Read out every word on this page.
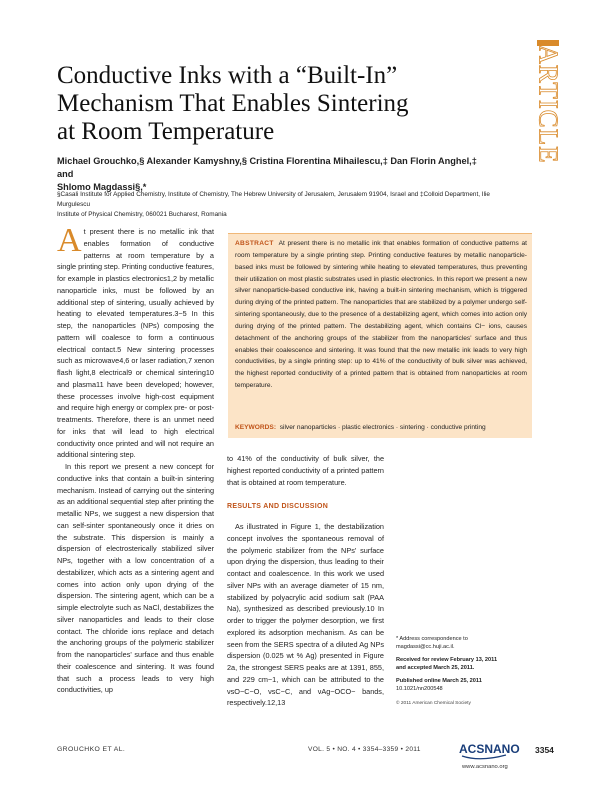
ARTICLE
Conductive Inks with a “Built-In”
Mechanism That Enables Sintering
at Room Temperature
Michael Grouchko,§ Alexander Kamyshny,§ Cristina Florentina Mihailescu,‡ Dan Florin Anghel,‡ and
Shlomo Magdassi§,*
§Casali Institute for Applied Chemistry, Institute of Chemistry, The Hebrew University of Jerusalem, Jerusalem 91904, Israel and ‡Colloid Department, Ilie Murgulescu
Institute of Physical Chemistry, 060021 Bucharest, Romania
ABSTRACT At present there is no metallic ink that enables formation of conductive patterns at room temperature by a single printing step. Printing conductive features by metallic nanoparticle-based inks must be followed by sintering while heating to elevated temperatures, thus preventing their utilization on most plastic substrates used in plastic electronics. In this report we present a new silver nanoparticle-based conductive ink, having a built-in sintering mechanism, which is triggered during drying of the printed pattern. The nanoparticles that are stabilized by a polymer undergo self-sintering spontaneously, due to the presence of a destabilizing agent, which comes into action only during drying of the printed pattern. The destabilizing agent, which contains Cl− ions, causes detachment of the anchoring groups of the stabilizer from the nanoparticles' surface and thus enables their coalescence and sintering. It was found that the new metallic ink leads to very high conductivities, by a single printing step: up to 41% of the conductivity of bulk silver was achieved, the highest reported conductivity of a printed pattern that is obtained from nanoparticles at room temperature.
KEYWORDS: silver nanoparticles · plastic electronics · sintering · conductive printing

At present there is no metallic ink that enables formation of conductive patterns at room temperature by a single printing step. Printing conductive features, for example in plastics electronics1,2 by metallic nanoparticle inks, must be followed by an additional step of sintering, usually achieved by heating to elevated temperatures.3−5 In this step, the nanoparticles (NPs) composing the pattern will coalesce to form a continuous electrical contact.5 New sintering processes such as microwave4,6 or laser radiation,7 xenon flash light,8 electrical9 or chemical sintering10 and plasma11 have been developed; however, these processes involve high-cost equipment and require high energy or complex pre- or post-treatments. Therefore, there is an unmet need for inks that will lead to high electrical conductivity once printed and will not require an additional sintering step.

In this report we present a new concept for conductive inks that contain a built-in sintering mechanism. Instead of carrying out the sintering as an additional sequential step after printing the metallic NPs, we suggest a new dispersion that can self-sinter spontaneously once it dries on the substrate. This dispersion is mainly a dispersion of electrosterically stabilized silver NPs, together with a low concentration of a destabilizer, which acts as a sintering agent and comes into action only upon drying of the dispersion. The sintering agent, which can be a simple electrolyte such as NaCl, destabilizes the silver nanoparticles and leads to their close contact. The chloride ions replace and detach the anchoring groups of the polymeric stabilizer from the nanoparticles' surface and thus enable their coalescence and sintering. It was found that such a process leads to very high conductivities, up

to 41% of the conductivity of bulk silver, the highest reported conductivity of a printed pattern that is obtained at room temperature.

RESULTS AND DISCUSSION

As illustrated in Figure 1, the destabilization concept involves the spontaneous removal of the polymeric stabilizer from the NPs' surface upon drying the dispersion, thus leading to their contact and coalescence. In this work we used silver NPs with an average diameter of 15 nm, stabilized by polyacrylic acid sodium salt (PAA Na), synthesized as described previously.10 In order to trigger the polymer desorption, we first explored its adsorption mechanism. As can be seen from the SERS spectra of a diluted Ag NPs dispersion (0.025 wt % Ag) presented in Figure 2a, the strongest SERS peaks are at 1391, 855, and 229 cm−1, which can be attributed to the νsO−C−O, νsC−C, and νAg−OCO− bands, respectively.12,13

* Address correspondence to
magdassi@cc.huji.ac.il.

Received for review February 13, 2011
and accepted March 25, 2011.

Published online March 25, 2011
10.1021/nn200548

© 2011 American Chemical Society

GROUCHKO ET AL.	VOL. 5 • NO. 4 • 3354–3359 • 2011	ACSNANO 3354
www.acsnano.org
